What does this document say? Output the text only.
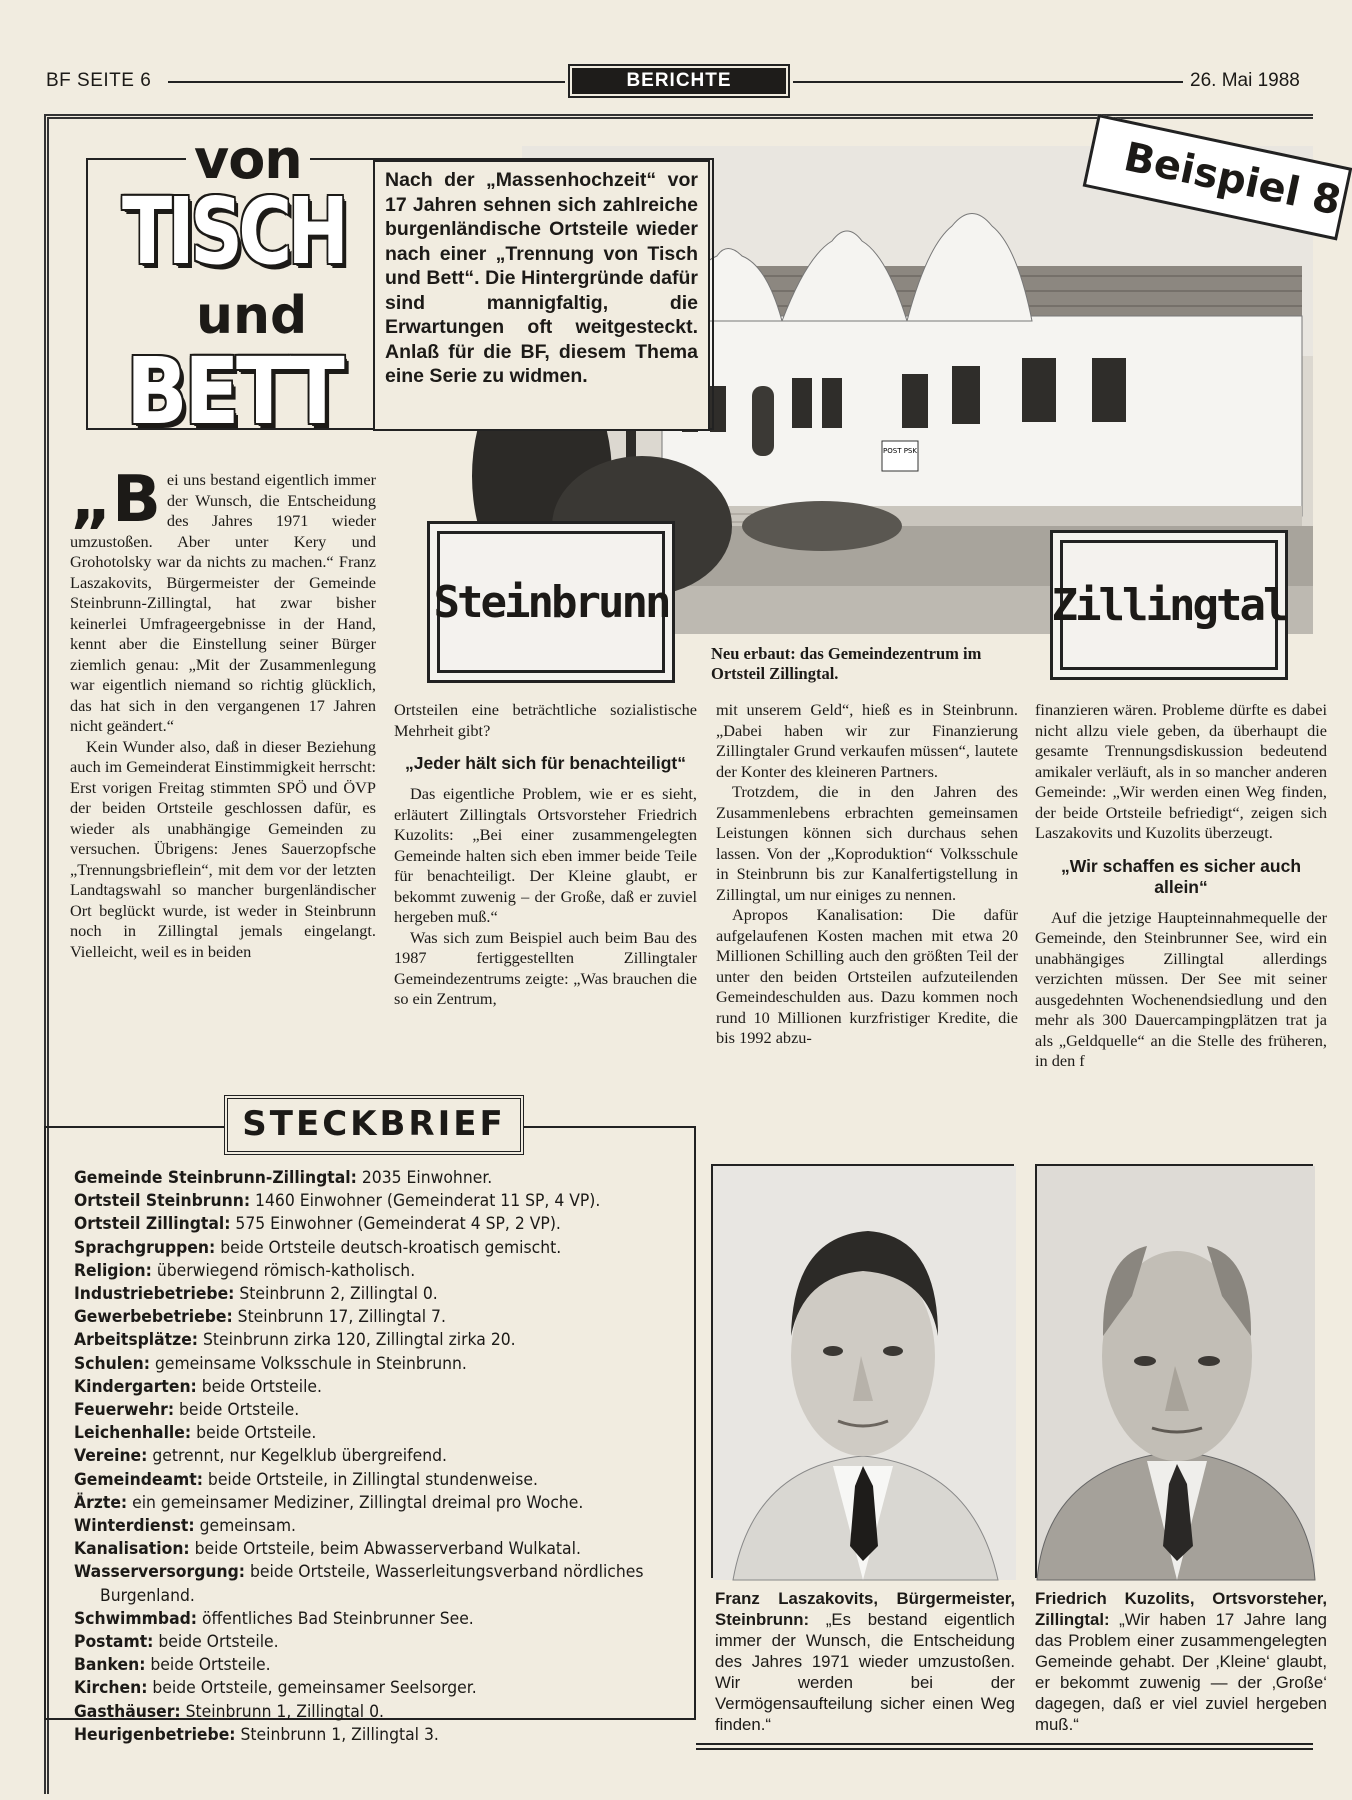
BF SEITE 6	BERICHTE	26. Mai 1988
POST PSK
Steinbrunn	Zillingtal
Neu erbaut: das Gemeindezentrum im Ortsteil Zillingtal.
Beispiel 8
von
TISCH
und
BETT
Nach der „Massenhochzeit“ vor 17 Jahren sehnen sich zahlreiche burgenländische Ortsteile wieder nach einer „Trennung von Tisch und Bett“. Die Hintergründe dafür sind mannigfaltig, die Erwartungen oft weitgesteckt. Anlaß für die BF, diesem Thema eine Serie zu widmen.
„B ei uns bestand eigentlich immer der Wunsch, die Entscheidung des Jahres 1971 wieder umzustoßen. Aber unter Kery und Grohotolsky war da nichts zu machen.“ Franz Laszakovits, Bürgermeister der Gemeinde Steinbrunn-Zillingtal, hat zwar bisher keinerlei Umfrageergebnisse in der Hand, kennt aber die Einstellung seiner Bürger ziemlich genau: „Mit der Zusammenlegung war eigentlich niemand so richtig glücklich, das hat sich in den vergangenen 17 Jahren nicht geändert.“

Kein Wunder also, daß in dieser Beziehung auch im Gemeinderat Einstimmigkeit herrscht: Erst vorigen Freitag stimmten SPÖ und ÖVP der beiden Ortsteile geschlossen dafür, es wieder als unabhängige Gemeinden zu versuchen. Übrigens: Jenes Sauerzopfsche „Trennungsbrieflein“, mit dem vor der letzten Landtagswahl so mancher burgenländischer Ort beglückt wurde, ist weder in Steinbrunn noch in Zillingtal jemals eingelangt. Vielleicht, weil es in beiden

Ortsteilen eine beträchtliche sozialistische Mehrheit gibt?

„Jeder hält sich für benachteiligt“

Das eigentliche Problem, wie er es sieht, erläutert Zillingtals Ortsvorsteher Friedrich Kuzolits: „Bei einer zusammengelegten Gemeinde halten sich eben immer beide Teile für benachteiligt. Der Kleine glaubt, er bekommt zuwenig – der Große, daß er zuviel hergeben muß.“

Was sich zum Beispiel auch beim Bau des 1987 fertiggestellten Zillingtaler Gemeindezentrums zeigte: „Was brauchen die so ein Zentrum,

mit unserem Geld“, hieß es in Steinbrunn. „Dabei haben wir zur Finanzierung Zillingtaler Grund verkaufen müssen“, lautete der Konter des kleineren Partners.

Trotzdem, die in den Jahren des Zusammenlebens erbrachten gemeinsamen Leistungen können sich durchaus sehen lassen. Von der „Koproduktion“ Volksschule in Steinbrunn bis zur Kanalfertigstellung in Zillingtal, um nur einiges zu nennen.

Apropos Kanalisation: Die dafür aufgelaufenen Kosten machen mit etwa 20 Millionen Schilling auch den größten Teil der unter den beiden Ortsteilen aufzuteilenden Gemeindeschulden aus. Dazu kommen noch rund 10 Millionen kurzfristiger Kredite, die bis 1992 abzu-

finanzieren wären. Probleme dürfte es dabei nicht allzu viele geben, da überhaupt die gesamte Trennungsdiskussion bedeutend amikaler verläuft, als in so mancher anderen Gemeinde: „Wir werden einen Weg finden, der beide Ortsteile befriedigt“, zeigen sich Laszakovits und Kuzolits überzeugt.

„Wir schaffen es sicher auch allein“

Auf die jetzige Haupteinnahmequelle der Gemeinde, den Steinbrunner See, wird ein unabhängiges Zillingtal allerdings verzichten müssen. Der See mit seiner ausgedehnten Wochenendsiedlung und den mehr als 300 Dauercampingplätzen trat ja als „Geldquelle“ an die Stelle des früheren, in den f

STECKBRIEF
Gemeinde Steinbrunn-Zillingtal: 2035 Einwohner.
Ortsteil Steinbrunn: 1460 Einwohner (Gemeinderat 11 SP, 4 VP).
Ortsteil Zillingtal: 575 Einwohner (Gemeinderat 4 SP, 2 VP).
Sprachgruppen: beide Ortsteile deutsch-kroatisch gemischt.
Religion: überwiegend römisch-katholisch.
Industriebetriebe: Steinbrunn 2, Zillingtal 0.
Gewerbebetriebe: Steinbrunn 17, Zillingtal 7.
Arbeitsplätze: Steinbrunn zirka 120, Zillingtal zirka 20.
Schulen: gemeinsame Volksschule in Steinbrunn.
Kindergarten: beide Ortsteile.
Feuerwehr: beide Ortsteile.
Leichenhalle: beide Ortsteile.
Vereine: getrennt, nur Kegelklub übergreifend.
Gemeindeamt: beide Ortsteile, in Zillingtal stundenweise.
Ärzte: ein gemeinsamer Mediziner, Zillingtal dreimal pro Woche.
Winterdienst: gemeinsam.
Kanalisation: beide Ortsteile, beim Abwasserverband Wulkatal.
Wasserversorgung: beide Ortsteile, Wasserleitungsverband nördliches Burgenland.
Schwimmbad: öffentliches Bad Steinbrunner See.
Postamt: beide Ortsteile.
Banken: beide Ortsteile.
Kirchen: beide Ortsteile, gemeinsamer Seelsorger.
Gasthäuser: Steinbrunn 1, Zillingtal 0.
Heurigenbetriebe: Steinbrunn 1, Zillingtal 3.
Franz Laszakovits, Bürgermeister, Steinbrunn: „Es bestand eigentlich immer der Wunsch, die Entscheidung des Jahres 1971 wieder umzustoßen. Wir werden bei der Vermögensaufteilung sicher einen Weg finden.“
Friedrich Kuzolits, Ortsvorsteher, Zillingtal: „Wir haben 17 Jahre lang das Problem einer zusammengelegten Gemeinde gehabt. Der ‚Kleine‘ glaubt, er bekommt zuwenig — der ‚Große‘ dagegen, daß er viel zuviel hergeben muß.“
